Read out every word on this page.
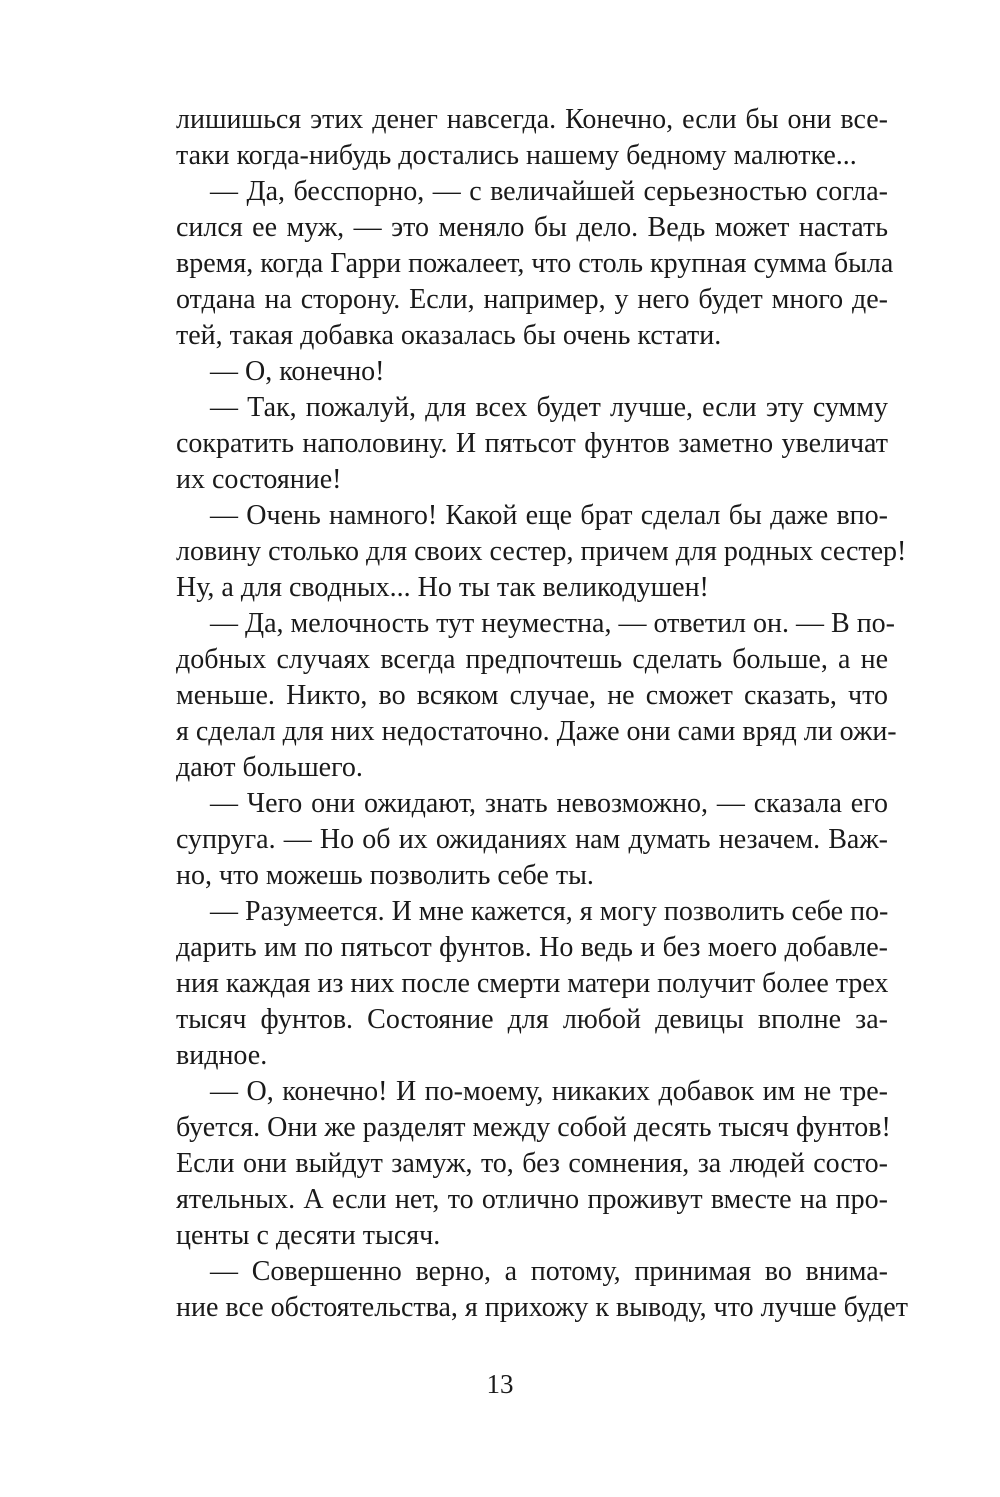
лишишься этих денег навсегда. Конечно, если бы они все-
таки когда-нибудь достались нашему бедному малютке...
— Да, бесспорно, — с величайшей серьезностью согла-
сился ее муж, — это меняло бы дело. Ведь может настать
время, когда Гарри пожалеет, что столь крупная сумма была
отдана на сторону. Если, например, у него будет много де-
тей, такая добавка оказалась бы очень кстати.
— О, конечно!
— Так, пожалуй, для всех будет лучше, если эту сумму
сократить наполовину. И пятьсот фунтов заметно увеличат
их состояние!
— Очень намного! Какой еще брат сделал бы даже впо-
ловину столько для своих сестер, причем для родных сестер!
Ну, а для сводных... Но ты так великодушен!
— Да, мелочность тут неуместна, — ответил он. — В по-
добных случаях всегда предпочтешь сделать больше, а не
меньше. Никто, во всяком случае, не сможет сказать, что
я сделал для них недостаточно. Даже они сами вряд ли ожи-
дают большего.
— Чего они ожидают, знать невозможно, — сказала его
супруга. — Но об их ожиданиях нам думать незачем. Важ-
но, что можешь позволить себе ты.
— Разумеется. И мне кажется, я могу позволить себе по-
дарить им по пятьсот фунтов. Но ведь и без моего добавле-
ния каждая из них после смерти матери получит более трех
тысяч фунтов. Состояние для любой девицы вполне за-
видное.
— О, конечно! И по-моему, никаких добавок им не тре-
буется. Они же разделят между собой десять тысяч фунтов!
Если они выйдут замуж, то, без сомнения, за людей состо-
ятельных. А если нет, то отлично проживут вместе на про-
центы с десяти тысяч.
— Совершенно верно, а потому, принимая во внима-
ние все обстоятельства, я прихожу к выводу, что лучше будет
13
